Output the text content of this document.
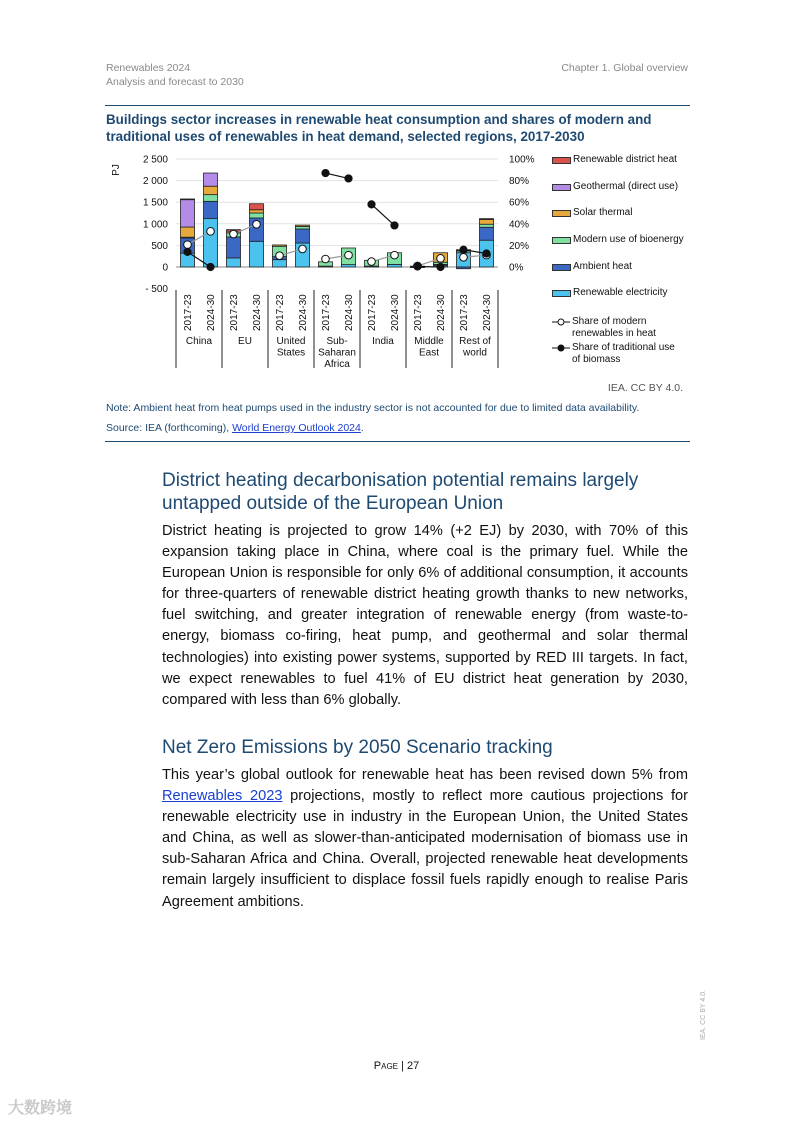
Renewables 2024
Analysis and forecast to 2030
Chapter 1. Global overview
Buildings sector increases in renewable heat consumption and shares of modern and traditional uses of renewables in heat demand, selected regions, 2017-2030
2 500
2 000
1 500
1 000
500
0
- 500
100%
80%
60%
40%
20%
0%
PJ
2017-23 2024-30
China
2017-23 2024-30
EU
2017-23 2024-30
United
States
2017-23 2024-30
Sub-
Saharan
Africa
2017-23 2024-30
India
2017-23 2024-30
Middle
East
2017-23 2024-30
Rest of
world
Renewable district heat
Geothermal (direct use)
Solar thermal
Modern use of bioenergy
Ambient heat
Renewable electricity
Share of modern renewables in heat
Share of traditional use of biomass
IEA. CC BY 4.0.
Note: Ambient heat from heat pumps used in the industry sector is not accounted for due to limited data availability.
Source: IEA (forthcoming), World Energy Outlook 2024.
District heating decarbonisation potential remains largely untapped outside of the European Union

District heating is projected to grow 14% (+2 EJ) by 2030, with 70% of this expansion taking place in China, where coal is the primary fuel. While the European Union is responsible for only 6% of additional consumption, it accounts for three-quarters of renewable district heating growth thanks to new networks, fuel switching, and greater integration of renewable energy (from waste-to-energy, biomass co-firing, heat pump, and geothermal and solar thermal technologies) into existing power systems, supported by RED III targets. In fact, we expect renewables to fuel 41% of EU district heat generation by 2030, compared with less than 6% globally.

Net Zero Emissions by 2050 Scenario tracking

This year’s global outlook for renewable heat has been revised down 5% from Renewables 2023 projections, mostly to reflect more cautious projections for renewable electricity use in industry in the European Union, the United States and China, as well as slower-than-anticipated modernisation of biomass use in sub-Saharan Africa and China. Overall, projected renewable heat developments remain largely insufficient to displace fossil fuels rapidly enough to realise Paris Agreement ambitions.

Page | 27
IEA. CC BY 4.0.
大数跨境
